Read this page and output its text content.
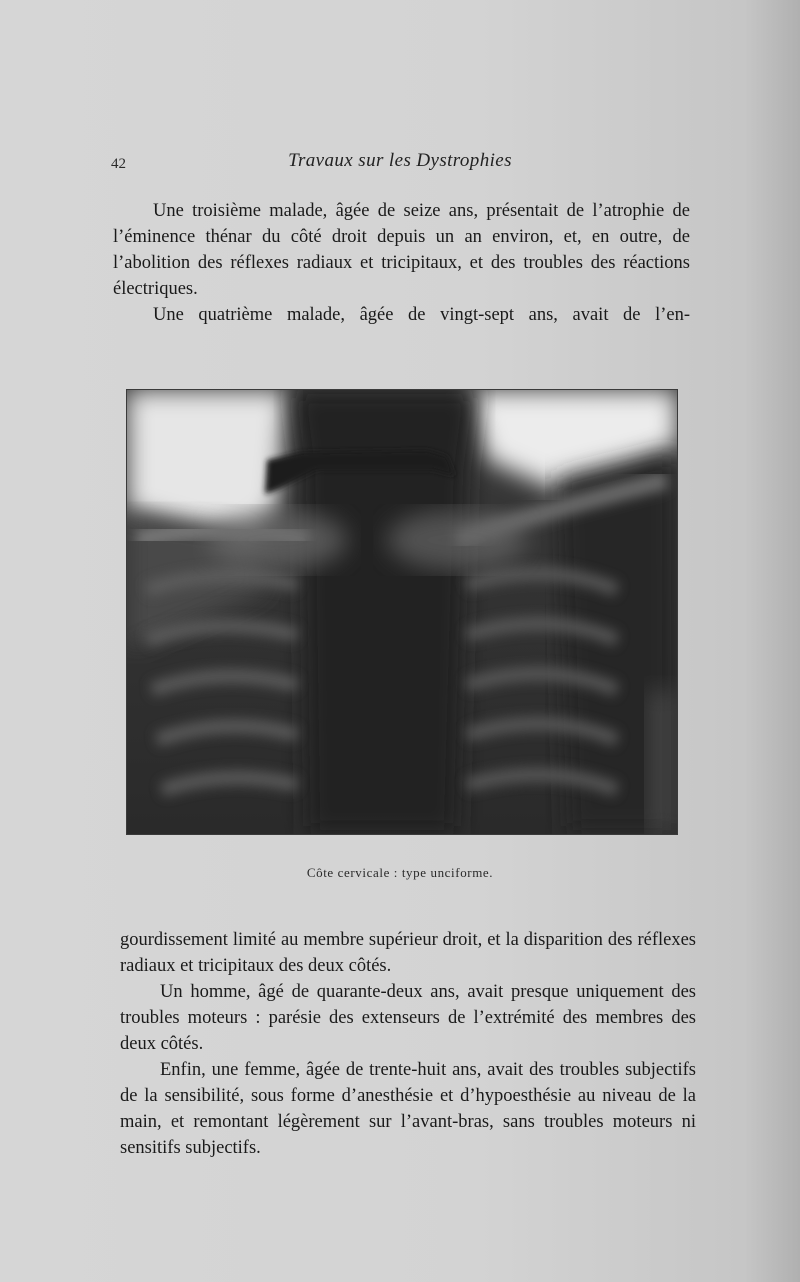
42	Travaux sur les Dystrophies

Une troisième malade, âgée de seize ans, présentait de l’atrophie de l’éminence thénar du côté droit depuis un an environ, et, en outre, de l’abolition des réflexes radiaux et tricipitaux, et des troubles des réactions électriques.

Une quatrième malade, âgée de vingt-sept ans, avait de l’en-

Côte cervicale : type unciforme.

gourdissement limité au membre supérieur droit, et la disparition des réflexes radiaux et tricipitaux des deux côtés.

Un homme, âgé de quarante-deux ans, avait presque uniquement des troubles moteurs : parésie des extenseurs de l’extrémité des membres des deux côtés.

Enfin, une femme, âgée de trente-huit ans, avait des troubles subjectifs de la sensibilité, sous forme d’anesthésie et d’hypoesthésie au niveau de la main, et remontant légèrement sur l’avant-bras, sans troubles moteurs ni sensitifs subjectifs.
